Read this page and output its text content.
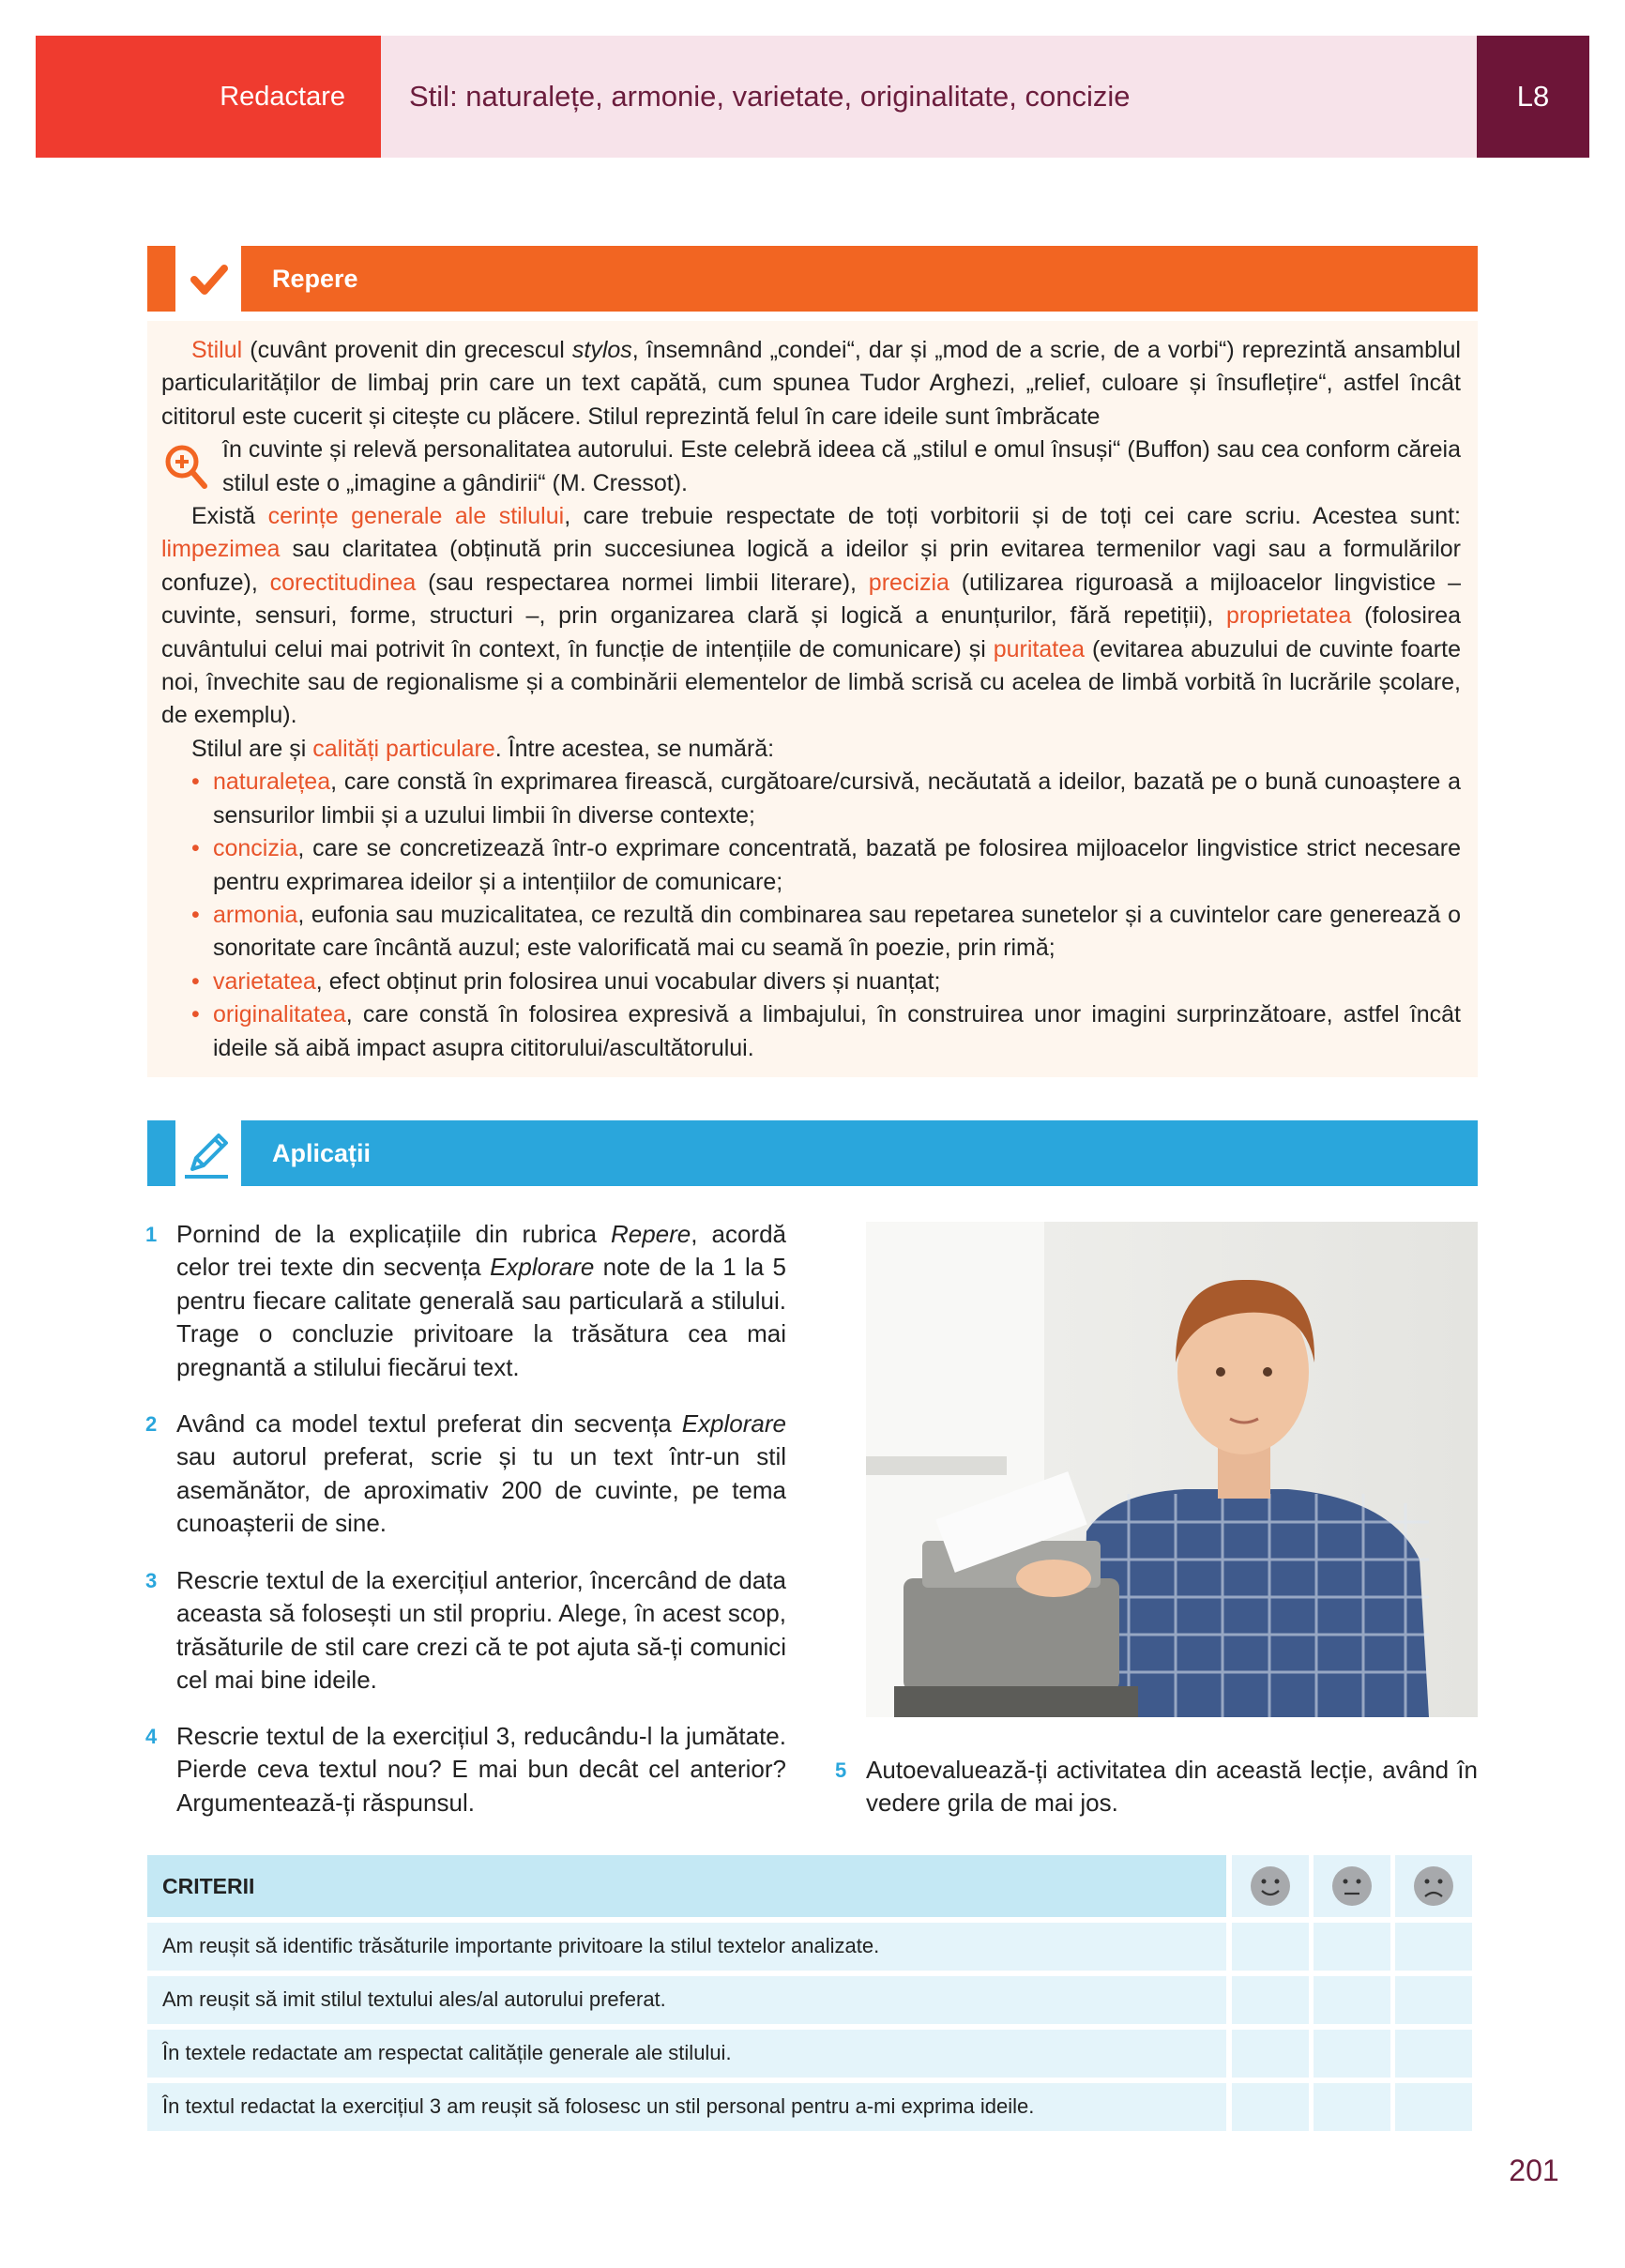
Redactare Stil: naturalețe, armonie, varietate, originalitate, concizie	L8
Repere

Stilul (cuvânt provenit din grecescul stylos, însemnând „condei“, dar și „mod de a scrie, de a vorbi“) reprezintă ansamblul particularităților de limbaj prin care un text capătă, cum spunea Tudor Arghezi, „relief, culoare și însuflețire“, astfel încât cititorul este cucerit și citește cu plăcere. Stilul reprezintă felul în care ideile sunt îmbrăcate

în cuvinte și relevă personalitatea autorului. Este celebră ideea că „stilul e omul însuși“ (Buffon) sau cea conform căreia stilul este o „imagine a gândirii“ (M. Cressot).

Există cerințe generale ale stilului, care trebuie respectate de toți vorbitorii și de toți cei care scriu. Acestea sunt: limpezimea sau claritatea (obținută prin succesiunea logică a ideilor și prin evitarea termenilor vagi sau a formulărilor confuze), corectitudinea (sau respectarea normei limbii literare), precizia (utilizarea riguroasă a mijloacelor lingvistice – cuvinte, sensuri, forme, structuri –, prin organizarea clară și logică a enunțurilor, fără repetiții), proprietatea (folosirea cuvântului celui mai potrivit în context, în funcție de intențiile de comunicare) și puritatea (evitarea abuzului de cuvinte foarte noi, învechite sau de regionalisme și a combinării elementelor de limbă scrisă cu acelea de limbă vorbită în lucrările școlare, de exemplu).

Stilul are și calități particulare. Între acestea, se numără:

• naturalețea, care constă în exprimarea firească, curgătoare/cursivă, necăutată a ideilor, bazată pe o bună cunoaștere a sensurilor limbii și a uzului limbii în diverse contexte;
• concizia, care se concretizează într-o exprimare concentrată, bazată pe folosirea mijloacelor lingvistice strict necesare pentru exprimarea ideilor și a intențiilor de comunicare;
• armonia, eufonia sau muzicalitatea, ce rezultă din combinarea sau repetarea sunetelor și a cuvintelor care generează o sonoritate care încântă auzul; este valorificată mai cu seamă în poezie, prin rimă;
• varietatea, efect obținut prin folosirea unui vocabular divers și nuanțat;
• originalitatea, care constă în folosirea expresivă a limbajului, în construirea unor imagini surprinzătoare, astfel încât ideile să aibă impact asupra cititorului/ascultătorului.
Aplicații
1 Pornind de la explicațiile din rubrica Repere, acordă celor trei texte din secvența Explorare note de la 1 la 5 pentru fiecare calitate generală sau particulară a stilului. Trage o concluzie privitoare la trăsătura cea mai pregnantă a stilului fiecărui text.
2 Având ca model textul preferat din secvența Explorare sau autorul preferat, scrie și tu un text într-un stil asemănător, de aproximativ 200 de cuvinte, pe tema cunoașterii de sine.
3 Rescrie textul de la exercițiul anterior, încercând de data aceasta să folosești un stil propriu. Alege, în acest scop, trăsăturile de stil care crezi că te pot ajuta să-ți comunici cel mai bine ideile.
4 Rescrie textul de la exercițiul 3, reducându-l la jumătate. Pierde ceva textul nou? E mai bun decât cel anterior? Argumentează-ți răspunsul.
5 Autoevaluează-ți activitatea din această lecție, având în vedere grila de mai jos.
CRITERII
Am reușit să identific trăsăturile importante privitoare la stilul textelor analizate.
Am reușit să imit stilul textului ales/al autorului preferat.
În textele redactate am respectat calitățile generale ale stilului.
În textul redactat la exercițiul 3 am reușit să folosesc un stil personal pentru a-mi exprima ideile.
201
